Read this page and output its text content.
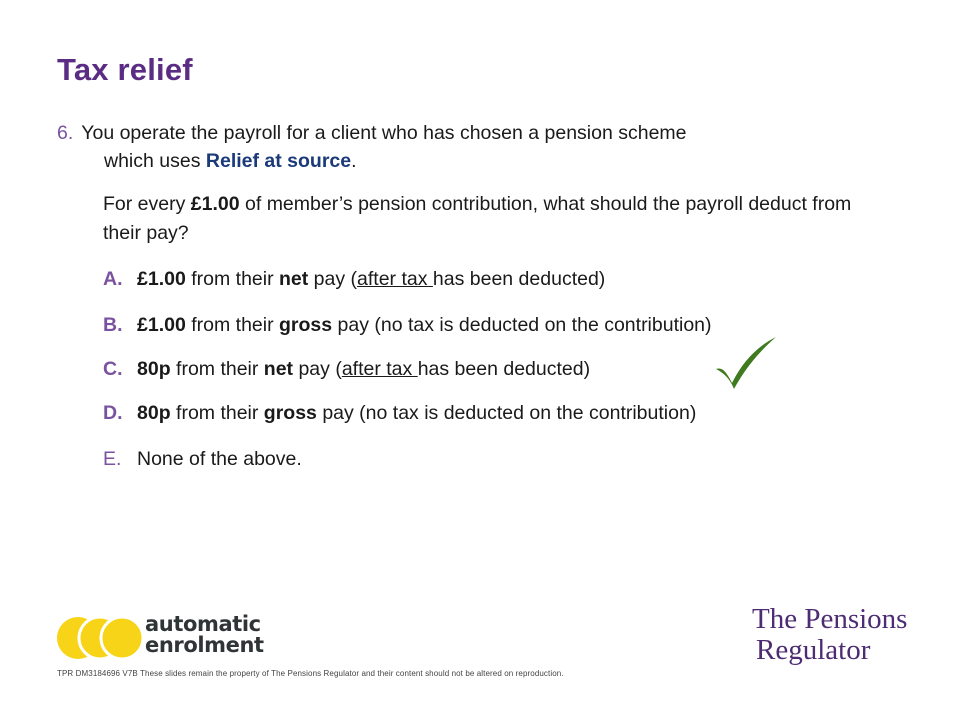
Tax relief
6. You operate the payroll for a client who has chosen a pension scheme
which uses Relief at source.
For every £1.00 of member’s pension contribution, what should the payroll deduct from their pay?
A. £1.00 from their net pay (after tax has been deducted)
B. £1.00 from their gross pay (no tax is deducted on the contribution)
C. 80p from their net pay (after tax has been deducted)
D. 80p from their gross pay (no tax is deducted on the contribution)
E. None of the above.
automatic
enrolment
The Pensions
Regulator
TPR DM3184696 V7B These slides remain the property of The Pensions Regulator and their content should not be altered on reproduction.
